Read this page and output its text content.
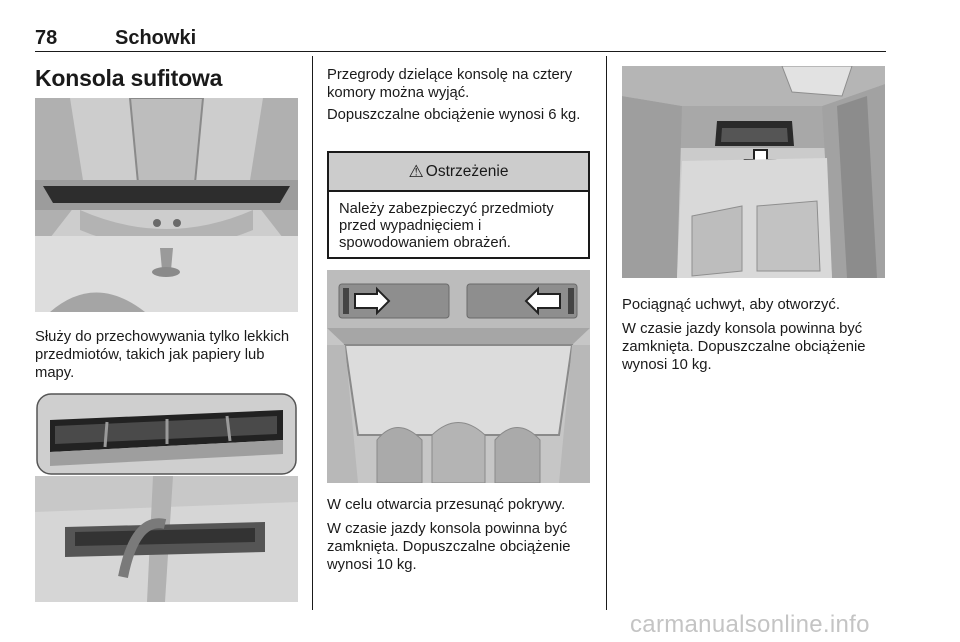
78	Schowki
Konsola sufitowa

Służy do przechowywania tylko lekkich przedmiotów, takich jak papiery lub mapy.

Przegrody dzielące konsolę na cztery komory można wyjąć.

Dopuszczalne obciążenie wynosi 6 kg.

⚠ Ostrzeżenie
Należy zabezpieczyć przedmioty przed wypadnięciem i spowodowaniem obrażeń.

W celu otwarcia przesunąć pokrywy.

W czasie jazdy konsola powinna być zamknięta. Dopuszczalne obciążenie wynosi 10 kg.

Pociągnąć uchwyt, aby otworzyć.

W czasie jazdy konsola powinna być zamknięta. Dopuszczalne obciążenie wynosi 10 kg.

carmanualsonline.info
